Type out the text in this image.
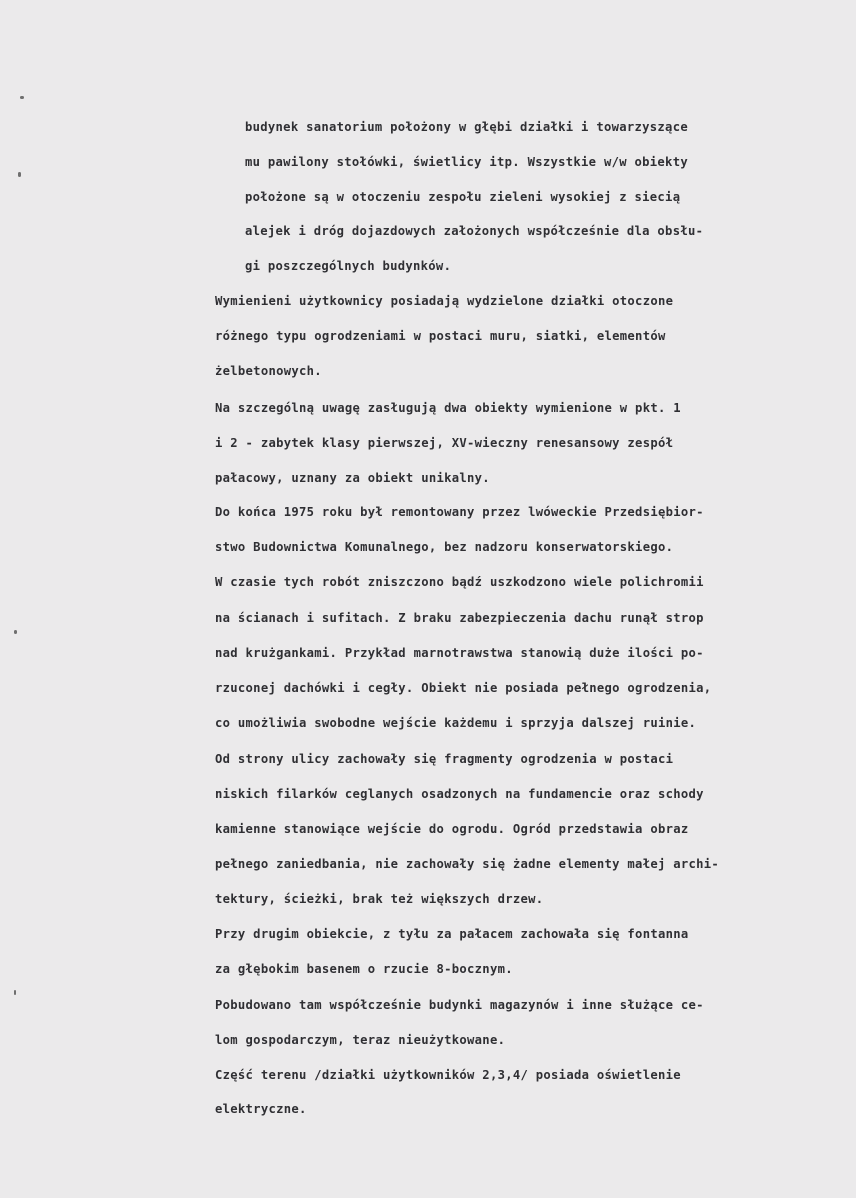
budynek sanatorium położony w głębi działki i towarzyszące
mu pawilony stołówki, świetlicy itp. Wszystkie w/w obiekty
położone są w otoczeniu zespołu zieleni wysokiej z siecią
alejek i dróg dojazdowych założonych współcześnie dla obsłu-
gi poszczególnych budynków.
Wymienieni użytkownicy posiadają wydzielone działki otoczone
różnego typu ogrodzeniami w postaci muru, siatki, elementów
żelbetonowych.
Na szczególną uwagę zasługują dwa obiekty wymienione w pkt. 1
i 2 - zabytek klasy pierwszej, XV-wieczny renesansowy zespół
pałacowy, uznany za obiekt unikalny.
Do końca 1975 roku był remontowany przez lwóweckie Przedsiębior-
stwo Budownictwa Komunalnego, bez nadzoru konserwatorskiego.
W czasie tych robót zniszczono bądź uszkodzono wiele polichromii
na ścianach i sufitach. Z braku zabezpieczenia dachu runął strop
nad krużgankami. Przykład marnotrawstwa stanowią duże ilości po-
rzuconej dachówki i cegły. Obiekt nie posiada pełnego ogrodzenia,
co umożliwia swobodne wejście każdemu i sprzyja dalszej ruinie.
Od strony ulicy zachowały się fragmenty ogrodzenia w postaci
niskich filarków ceglanych osadzonych na fundamencie oraz schody
kamienne stanowiące wejście do ogrodu. Ogród przedstawia obraz
pełnego zaniedbania, nie zachowały się żadne elementy małej archi-
tektury, ścieżki, brak też większych drzew.
Przy drugim obiekcie, z tyłu za pałacem zachowała się fontanna
za głębokim basenem o rzucie 8-bocznym.
Pobudowano tam współcześnie budynki magazynów i inne służące ce-
lom gospodarczym, teraz nieużytkowane.
Część terenu /działki użytkowników 2,3,4/ posiada oświetlenie
elektryczne.
